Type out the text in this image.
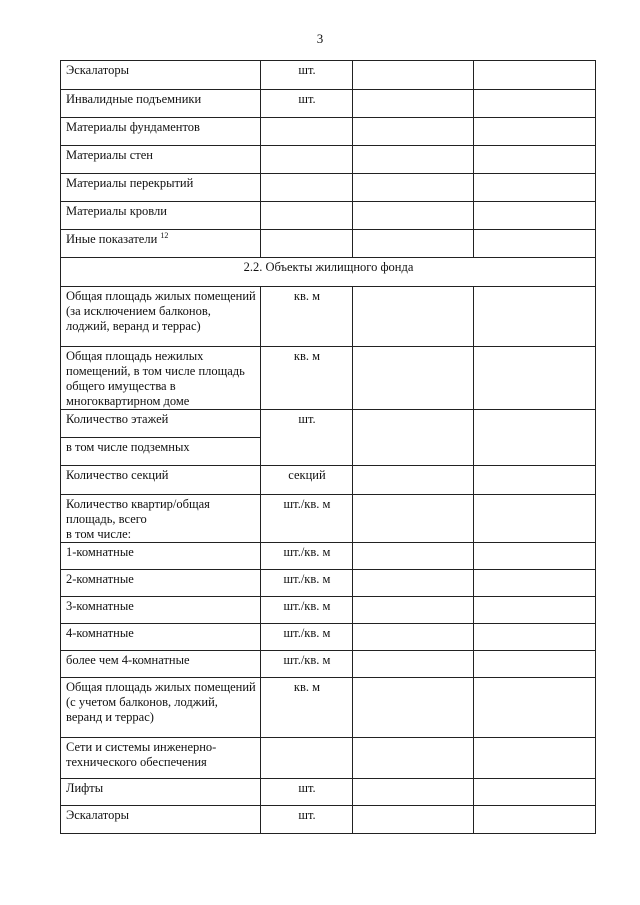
3
Эскалаторы	шт.		
Инвалидные подъемники	шт.		
Материалы фундаментов			
Материалы стен			
Материалы перекрытий			
Материалы кровли			
Иные показатели $^{12}$			
2.2. Объекты жилищного фонда			
Общая площадь жилых помещений (за исключением балконов, лоджий, веранд и террас)	кв. м		
Общая площадь нежилых помещений, в том числе площадь общего имущества в многоквартирном доме	кв. м		
Количество этажей	шт.		
в том числе подземных			
Количество секций	секций		

Количество квартир/общая площадь, всего
в том числе:	шт./кв. м		
1-комнатные	шт./кв. м		
2-комнатные	шт./кв. м		
3-комнатные	шт./кв. м		
4-комнатные	шт./кв. м		
более чем 4-комнатные	шт./кв. м		
Общая площадь жилых помещений (с учетом балконов, лоджий, веранд и террас)	кв. м		
Сети и системы инженерно-технического обеспечения			
Лифты	шт.		
Эскалаторы	шт.		
